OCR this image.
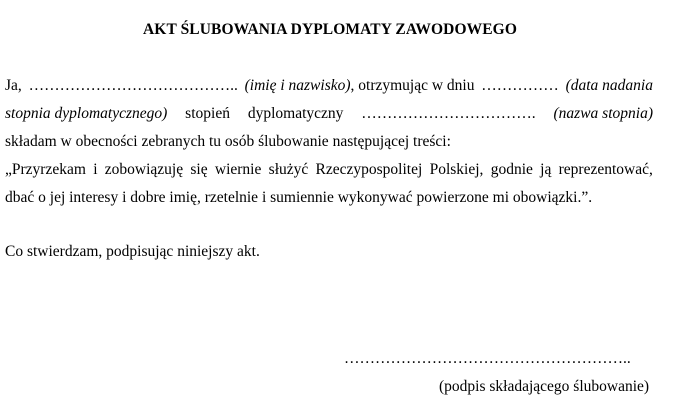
AKT ŚLUBOWANIA DYPLOMATY ZAWODOWEGO
Ja, ………………………………….. (imię i nazwisko), otrzymując w dniu …………… (data nadania
stopnia dyplomatycznego) stopień dyplomatyczny ……………………………. (nazwa stopnia)
składam w obecności zebranych tu osób ślubowanie następującej treści:
„Przyrzekam i zobowiązuję się wiernie służyć Rzeczypospolitej Polskiej, godnie ją reprezentować,
dbać o jej interesy i dobre imię, rzetelnie i sumiennie wykonywać powierzone mi obowiązki.”.
Co stwierdzam, podpisując niniejszy akt.
………………………………………………..
(podpis składającego ślubowanie)
